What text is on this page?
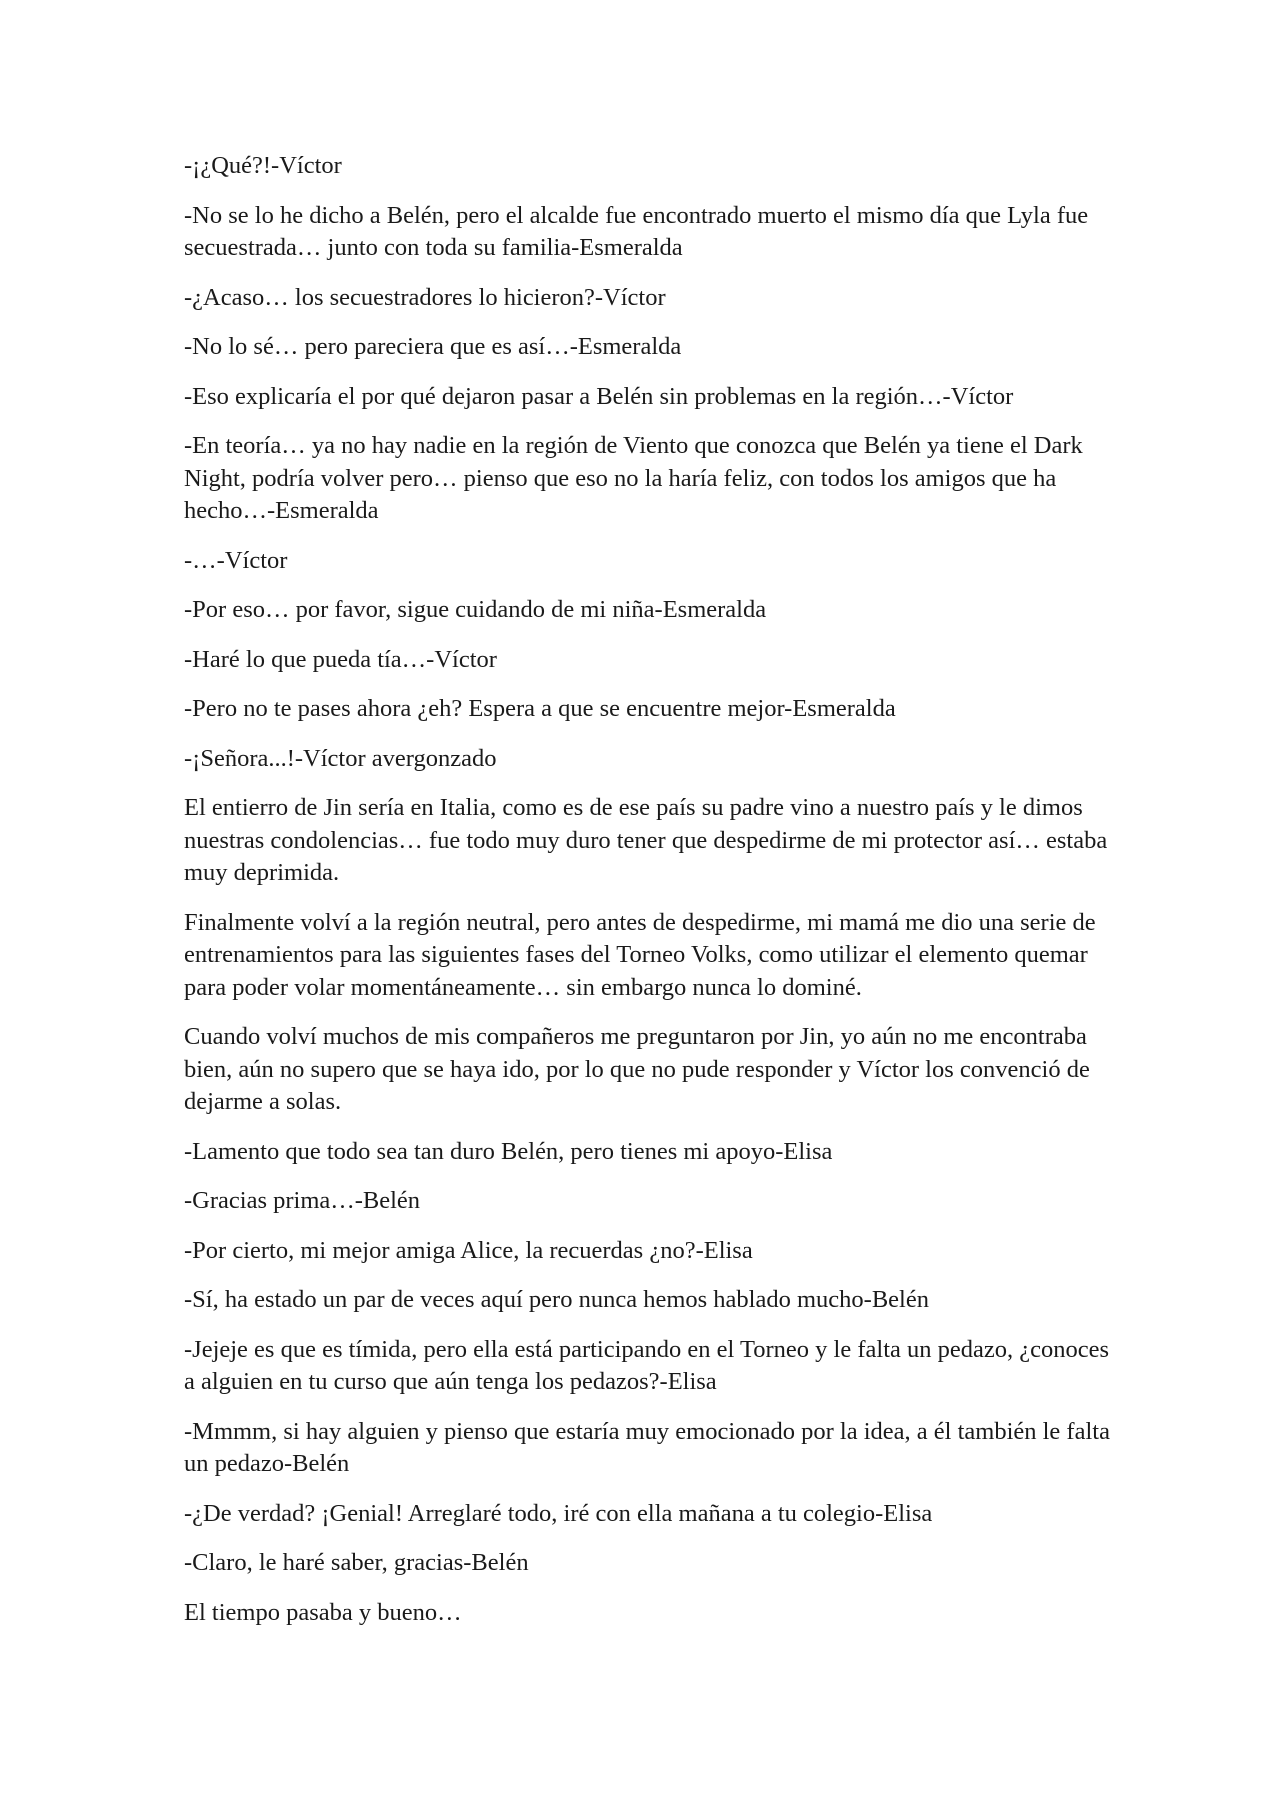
-¡¿Qué?!-Víctor

-No se lo he dicho a Belén, pero el alcalde fue encontrado muerto el mismo día que Lyla fue secuestrada… junto con toda su familia-Esmeralda

-¿Acaso… los secuestradores lo hicieron?-Víctor

-No lo sé… pero pareciera que es así…-Esmeralda

-Eso explicaría el por qué dejaron pasar a Belén sin problemas en la región…-Víctor

-En teoría… ya no hay nadie en la región de Viento que conozca que Belén ya tiene el Dark Night, podría volver pero… pienso que eso no la haría feliz, con todos los amigos que ha hecho…-Esmeralda

-…-Víctor

-Por eso… por favor, sigue cuidando de mi niña-Esmeralda

-Haré lo que pueda tía…-Víctor

-Pero no te pases ahora ¿eh? Espera a que se encuentre mejor-Esmeralda

-¡Señora...!-Víctor avergonzado

El entierro de Jin sería en Italia, como es de ese país su padre vino a nuestro país y le dimos nuestras condolencias… fue todo muy duro tener que despedirme de mi protector así… estaba muy deprimida.

Finalmente volví a la región neutral, pero antes de despedirme, mi mamá me dio una serie de entrenamientos para las siguientes fases del Torneo Volks, como utilizar el elemento quemar para poder volar momentáneamente… sin embargo nunca lo dominé.

Cuando volví muchos de mis compañeros me preguntaron por Jin, yo aún no me encontraba bien, aún no supero que se haya ido, por lo que no pude responder y Víctor los convenció de dejarme a solas.

-Lamento que todo sea tan duro Belén, pero tienes mi apoyo-Elisa

-Gracias prima…-Belén

-Por cierto, mi mejor amiga Alice, la recuerdas ¿no?-Elisa

-Sí, ha estado un par de veces aquí pero nunca hemos hablado mucho-Belén

-Jejeje es que es tímida, pero ella está participando en el Torneo y le falta un pedazo, ¿conoces a alguien en tu curso que aún tenga los pedazos?-Elisa

-Mmmm, si hay alguien y pienso que estaría muy emocionado por la idea, a él también le falta un pedazo-Belén

-¿De verdad? ¡Genial! Arreglaré todo, iré con ella mañana a tu colegio-Elisa

-Claro, le haré saber, gracias-Belén

El tiempo pasaba y bueno…
